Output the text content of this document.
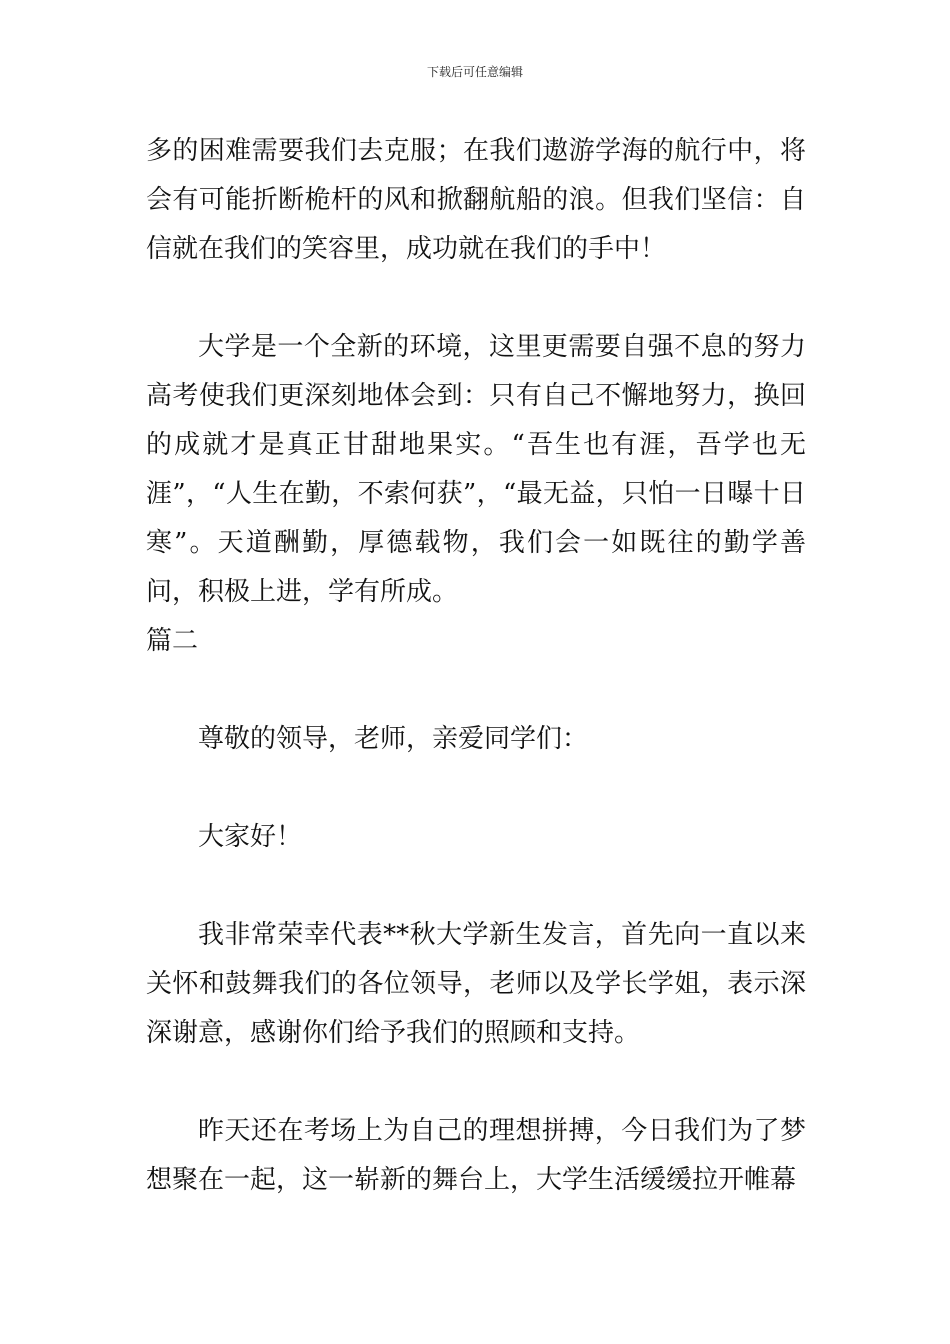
下载后可任意编辑

多的困难需要我们去克服；在我们遨游学海的航行中，将会有可能折断桅杆的风和掀翻航船的浪。但我们坚信：自信就在我们的笑容里，成功就在我们的手中！

大学是一个全新的环境，这里更需要自强不息的努力高考使我们更深刻地体会到：只有自己不懈地努力，换回的成就才是真正甘甜地果实。“吾生也有涯，吾学也无涯”，“人生在勤，不索何获”，“最无益，只怕一日曝十日寒”。天道酬勤，厚德载物，我们会一如既往的勤学善问，积极上进，学有所成。

篇二

尊敬的领导，老师，亲爱同学们：

大家好！

我非常荣幸代表**秋大学新生发言，首先向一直以来关怀和鼓舞我们的各位领导，老师以及学长学姐，表示深深谢意，感谢你们给予我们的照顾和支持。

昨天还在考场上为自己的理想拼搏，今日我们为了梦想聚在一起，这一崭新的舞台上，大学生活缓缓拉开帷幕
